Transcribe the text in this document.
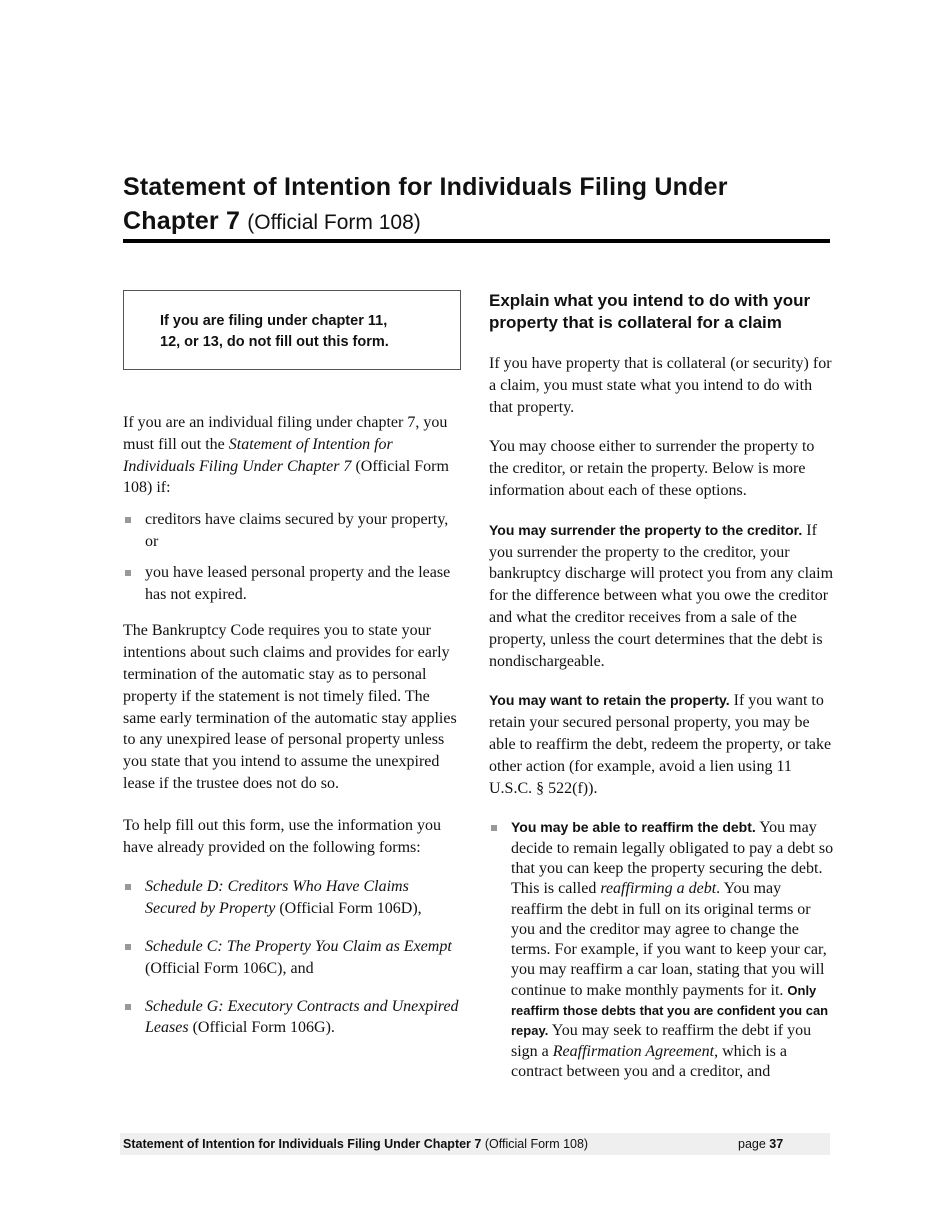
Statement of Intention for Individuals Filing Under

Chapter 7 (Official Form 108)

If you are filing under chapter 11,
12, or 13, do not fill out this form.

If you are an individual filing under chapter 7, you must fill out the Statement of Intention for Individuals Filing Under Chapter 7 (Official Form 108) if:

creditors have claims secured by your property, or
you have leased personal property and the lease has not expired.

The Bankruptcy Code requires you to state your intentions about such claims and provides for early termination of the automatic stay as to personal property if the statement is not timely filed. The same early termination of the automatic stay applies to any unexpired lease of personal property unless you state that you intend to assume the unexpired lease if the trustee does not do so.

To help fill out this form, use the information you have already provided on the following forms:

Schedule D: Creditors Who Have Claims Secured by Property (Official Form 106D),
Schedule C: The Property You Claim as Exempt (Official Form 106C), and
Schedule G: Executory Contracts and Unexpired Leases (Official Form 106G).
Explain what you intend to do with your property that is collateral for a claim

If you have property that is collateral (or security) for a claim, you must state what you intend to do with that property.

You may choose either to surrender the property to the creditor, or retain the property. Below is more information about each of these options.

You may surrender the property to the creditor. If you surrender the property to the creditor, your bankruptcy discharge will protect you from any claim for the difference between what you owe the creditor and what the creditor receives from a sale of the property, unless the court determines that the debt is nondischargeable.

You may want to retain the property. If you want to retain your secured personal property, you may be able to reaffirm the debt, redeem the property, or take other action (for example, avoid a lien using 11 U.S.C. § 522(f)).

You may be able to reaffirm the debt. You may decide to remain legally obligated to pay a debt so that you can keep the property securing the debt. This is called reaffirming a debt. You may reaffirm the debt in full on its original terms or you and the creditor may agree to change the terms. For example, if you want to keep your car, you may reaffirm a car loan, stating that you will continue to make monthly payments for it. Only reaffirm those debts that you are confident you can repay. You may seek to reaffirm the debt if you sign a Reaffirmation Agreement, which is a contract between you and a creditor, and
Statement of Intention for Individuals Filing Under Chapter 7 (Official Form 108)	page 37
